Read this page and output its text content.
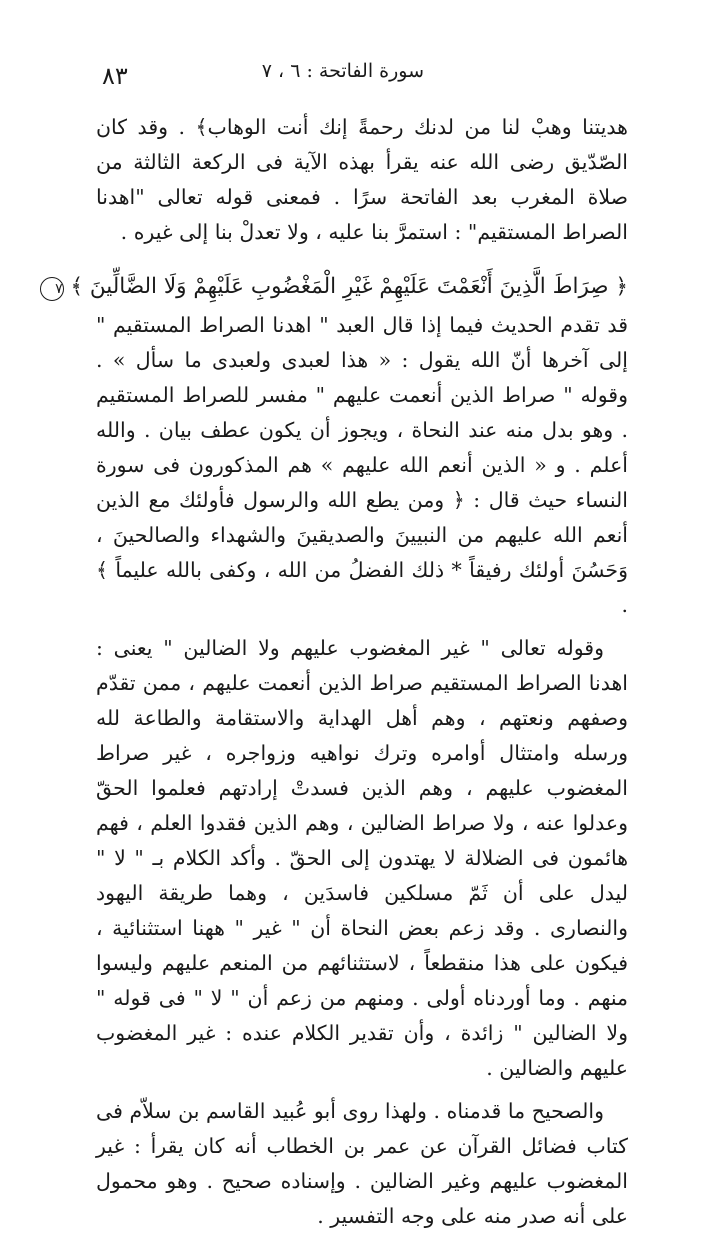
٨٣	سورة الفاتحة : ٦ ، ٧

هديتنا وهبْ لنا من لدنك رحمةً إنك أنت الوهاب﴾ . وقد كان الصّدّيق رضى الله عنه يقرأ بهذه الآية فى الركعة الثالثة من صلاة المغرب بعد الفاتحة سرًا . فمعنى قوله تعالى "اهدنا الصراط المستقيم" : استمرَّ بنا عليه ، ولا تعدلْ بنا إلى غيره .

﴿ صِرَاطَ الَّذِينَ أَنْعَمْتَ عَلَيْهِمْ غَيْرِ الْمَغْضُوبِ عَلَيْهِمْ وَلَا الضَّالِّينَ ﴾ ٧

قد تقدم الحديث فيما إذا قال العبد " اهدنا الصراط المستقيم " إلى آخرها أنّ الله يقول : « هذا لعبدى ولعبدى ما سأل » . وقوله " صراط الذين أنعمت عليهم " مفسر للصراط المستقيم . وهو بدل منه عند النحاة ، ويجوز أن يكون عطف بيان . والله أعلم . و « الذين أنعم الله عليهم » هم المذكورون فى سورة النساء حيث قال : ﴿ ومن يطع الله والرسول فأولئك مع الذين أنعم الله عليهم من النبيينَ والصديقينَ والشهداء والصالحينَ ، وَحَسُنَ أولئك رفيقاً * ذلك الفضلُ من الله ، وكفى بالله عليماً ﴾ .

وقوله تعالى " غير المغضوب عليهم ولا الضالين " يعنى : اهدنا الصراط المستقيم صراط الذين أنعمت عليهم ، ممن تقدّم وصفهم ونعتهم ، وهم أهل الهداية والاستقامة والطاعة لله ورسله وامتثال أوامره وترك نواهيه وزواجره ، غير صراط المغضوب عليهم ، وهم الذين فسدتْ إرادتهم فعلموا الحقّ وعدلوا عنه ، ولا صراط الضالين ، وهم الذين فقدوا العلم ، فهم هائمون فى الضلالة لا يهتدون إلى الحقّ . وأكد الكلام بـ " لا " ليدل على أن ثَمّ مسلكين فاسدَين ، وهما طريقة اليهود والنصارى . وقد زعم بعض النحاة أن " غير " ههنا استثنائية ، فيكون على هذا منقطعاً ، لاستثنائهم من المنعم عليهم وليسوا منهم . وما أوردناه أولى . ومنهم من زعم أن " لا " فى قوله " ولا الضالين " زائدة ، وأن تقدير الكلام عنده : غير المغضوب عليهم والضالين .

والصحيح ما قدمناه . ولهذا روى أبو عُبيد القاسم بن سلاّم فى كتاب فضائل القرآن عن عمر بن الخطاب أنه كان يقرأ : غير المغضوب عليهم وغير الضالين . وإسناده صحيح . وهو محمول على أنه صدر منه على وجه التفسير .
